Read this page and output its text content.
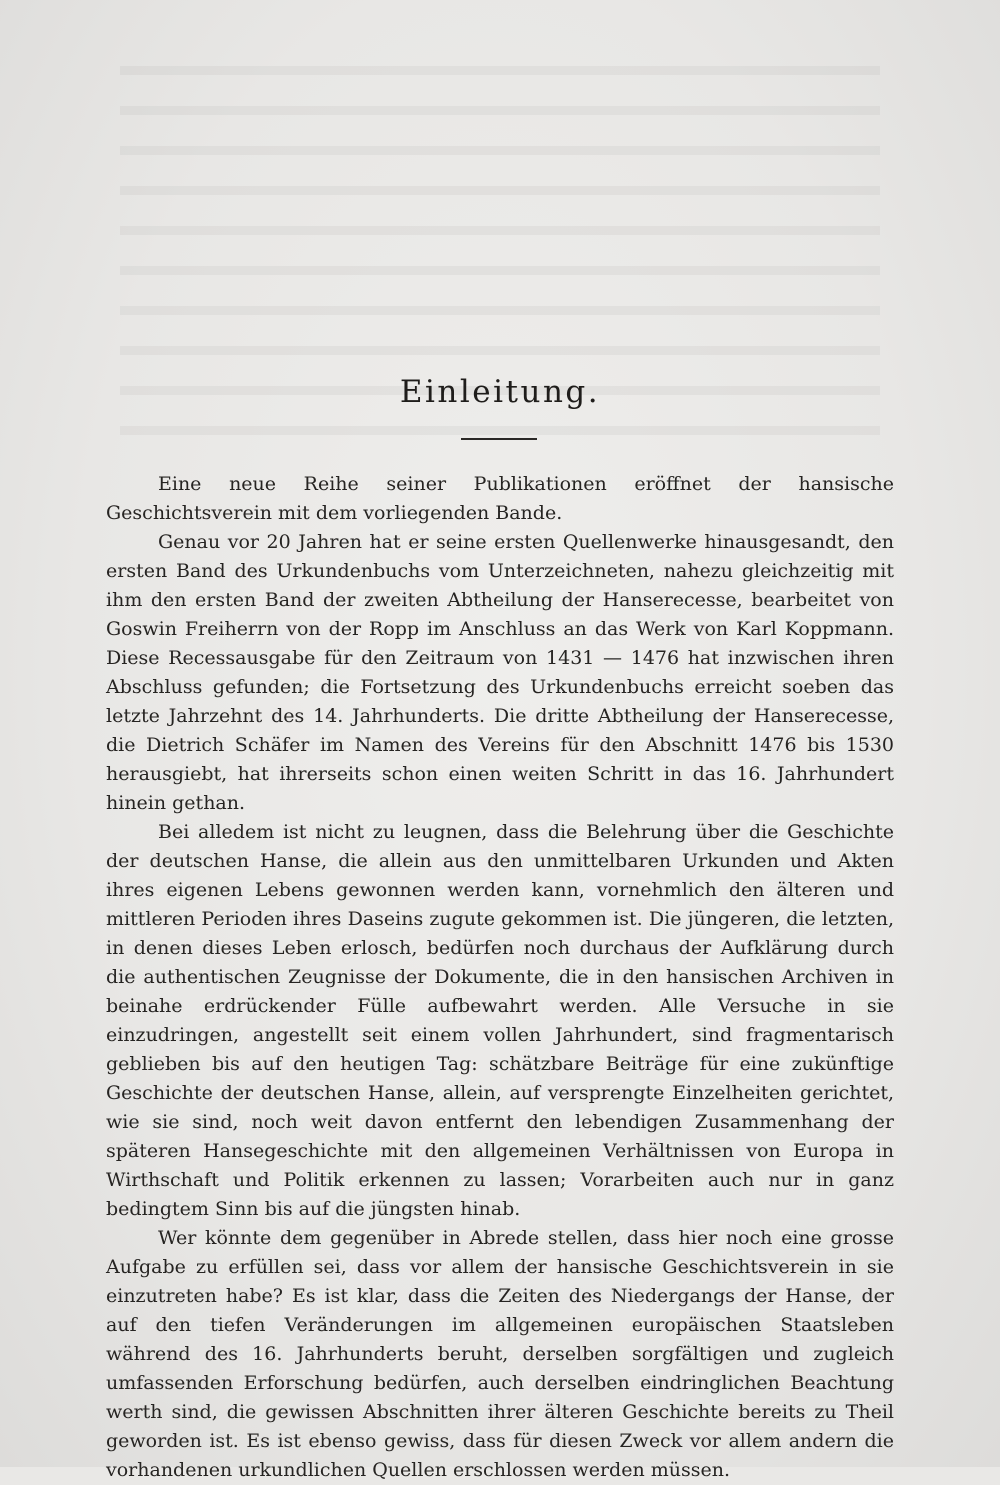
Einleitung.

Eine neue Reihe seiner Publikationen eröffnet der hansische Geschichtsverein mit dem vorliegenden Bande.

Genau vor 20 Jahren hat er seine ersten Quellenwerke hinausgesandt, den ersten Band des Urkundenbuchs vom Unterzeichneten, nahezu gleichzeitig mit ihm den ersten Band der zweiten Abtheilung der Hanserecesse, bearbeitet von Goswin Freiherrn von der Ropp im Anschluss an das Werk von Karl Koppmann. Diese Recessausgabe für den Zeitraum von 1431 — 1476 hat inzwischen ihren Abschluss gefunden; die Fortsetzung des Urkundenbuchs erreicht soeben das letzte Jahrzehnt des 14. Jahrhunderts. Die dritte Abtheilung der Hanserecesse, die Dietrich Schäfer im Namen des Vereins für den Abschnitt 1476 bis 1530 herausgiebt, hat ihrerseits schon einen weiten Schritt in das 16. Jahrhundert hinein gethan.

Bei alledem ist nicht zu leugnen, dass die Belehrung über die Geschichte der deutschen Hanse, die allein aus den unmittelbaren Urkunden und Akten ihres eigenen Lebens gewonnen werden kann, vornehmlich den älteren und mittleren Perioden ihres Daseins zugute gekommen ist. Die jüngeren, die letzten, in denen dieses Leben erlosch, bedürfen noch durchaus der Aufklärung durch die authentischen Zeugnisse der Dokumente, die in den hansischen Archiven in beinahe erdrückender Fülle aufbewahrt werden. Alle Versuche in sie einzudringen, angestellt seit einem vollen Jahrhundert, sind fragmentarisch geblieben bis auf den heutigen Tag: schätzbare Beiträge für eine zukünftige Geschichte der deutschen Hanse, allein, auf versprengte Einzelheiten gerichtet, wie sie sind, noch weit davon entfernt den lebendigen Zusammenhang der späteren Hansegeschichte mit den allgemeinen Verhältnissen von Europa in Wirthschaft und Politik erkennen zu lassen; Vorarbeiten auch nur in ganz bedingtem Sinn bis auf die jüngsten hinab.

Wer könnte dem gegenüber in Abrede stellen, dass hier noch eine grosse Aufgabe zu erfüllen sei, dass vor allem der hansische Geschichtsverein in sie einzutreten habe? Es ist klar, dass die Zeiten des Niedergangs der Hanse, der auf den tiefen Veränderungen im allgemeinen europäischen Staatsleben während des 16. Jahrhunderts beruht, derselben sorgfältigen und zugleich umfassenden Erforschung bedürfen, auch derselben eindringlichen Beachtung werth sind, die gewissen Abschnitten ihrer älteren Geschichte bereits zu Theil geworden ist. Es ist ebenso gewiss, dass für diesen Zweck vor allem andern die vorhandenen urkundlichen Quellen erschlossen werden müssen.
